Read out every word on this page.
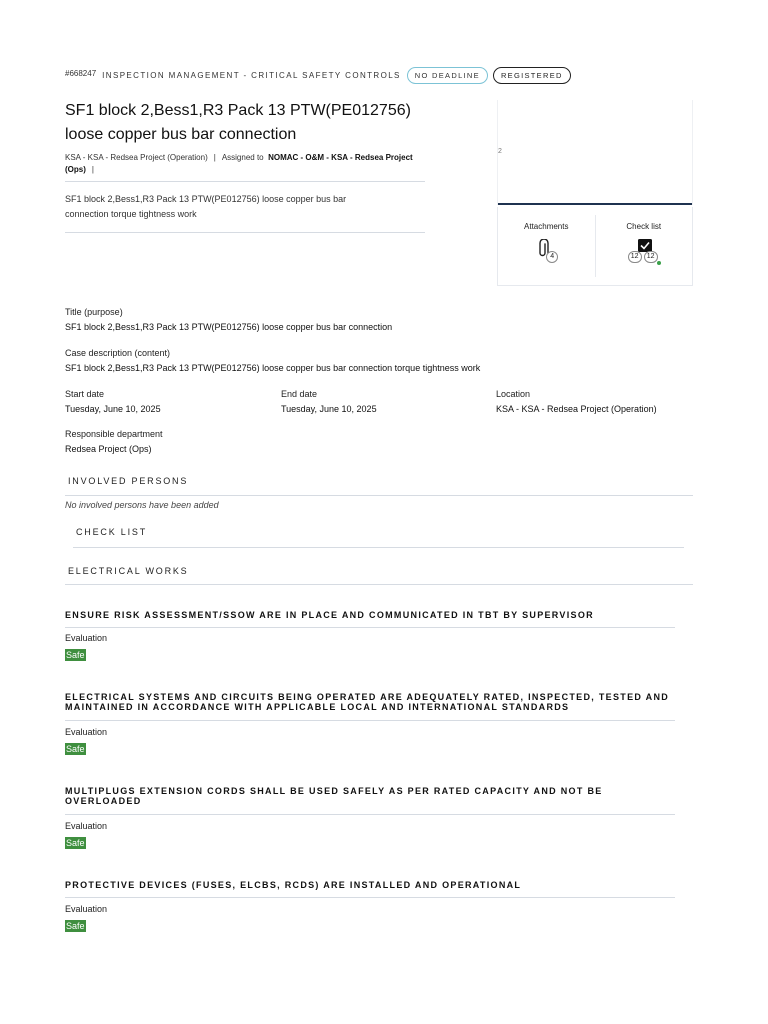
#668247 INSPECTION MANAGEMENT - CRITICAL SAFETY CONTROLS	NO DEADLINE	REGISTERED
SF1 block 2,Bess1,R3 Pack 13 PTW(PE012756)
loose copper bus bar connection
KSA - KSA - Redsea Project (Operation) | Assigned to NOMAC - O&M - KSA - Redsea Project (Ops) |
SF1 block 2,Bess1,R3 Pack 13 PTW(PE012756) loose copper bus bar
connection torque tightness work
2
Attachments
4
Check list
12	12
Title (purpose)
SF1 block 2,Bess1,R3 Pack 13 PTW(PE012756) loose copper bus bar connection
Case description (content)
SF1 block 2,Bess1,R3 Pack 13 PTW(PE012756) loose copper bus bar connection torque tightness work
Start date
Tuesday, June 10, 2025
End date
Tuesday, June 10, 2025
Location
KSA - KSA - Redsea Project (Operation)
Responsible department
Redsea Project (Ops)
INVOLVED PERSONS
No involved persons have been added
CHECK LIST
ELECTRICAL WORKS
ENSURE RISK ASSESSMENT/SSOW ARE IN PLACE AND COMMUNICATED IN TBT BY SUPERVISOR
Evaluation
Safe
ELECTRICAL SYSTEMS AND CIRCUITS BEING OPERATED ARE ADEQUATELY RATED, INSPECTED, TESTED AND
MAINTAINED IN ACCORDANCE WITH APPLICABLE LOCAL AND INTERNATIONAL STANDARDS
Evaluation
Safe
MULTIPLUGS EXTENSION CORDS SHALL BE USED SAFELY AS PER RATED CAPACITY AND NOT BE
OVERLOADED
Evaluation
Safe
PROTECTIVE DEVICES (FUSES, ELCBS, RCDS) ARE INSTALLED AND OPERATIONAL
Evaluation
Safe
